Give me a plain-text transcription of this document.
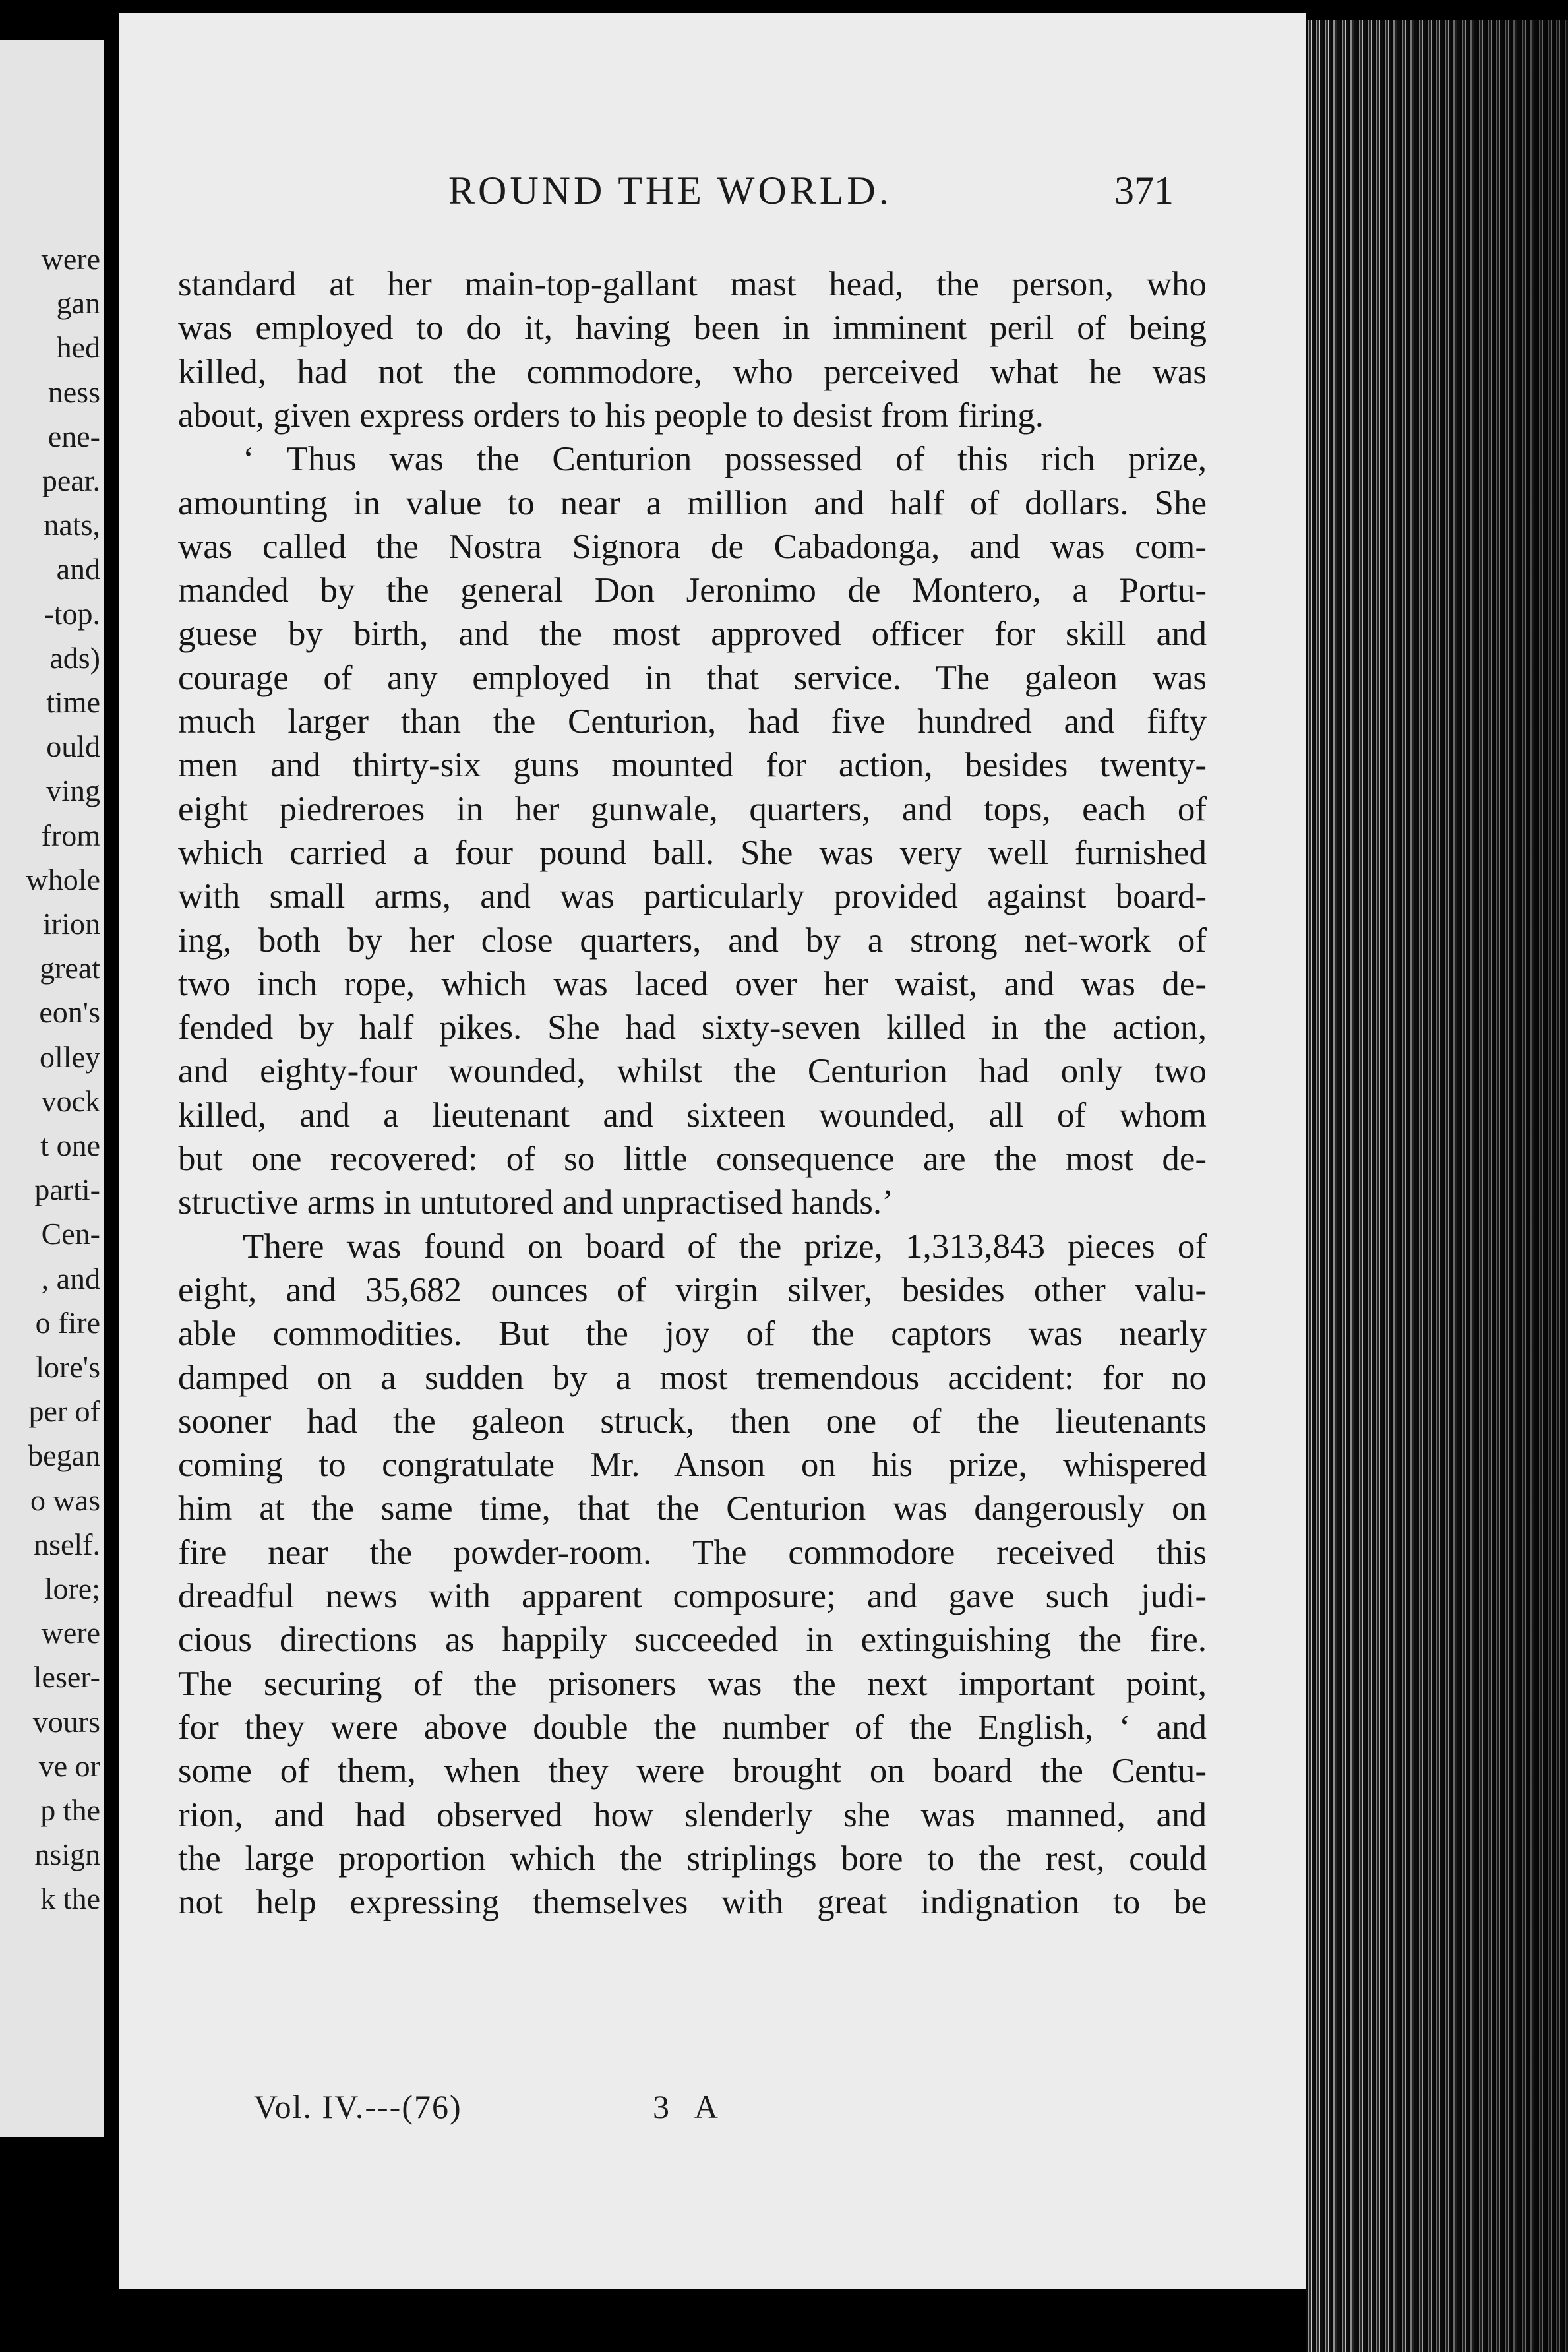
were
gan
hed
ness
ene-
pear.
nats,
and
-top.
ads)
time
ould
ving
from
whole
irion
great
eon's
olley
vock
t one
parti-
Cen-
, and
o fire
lore's
per of
began
o was
nself.
lore;
were
leser-
vours
ve or
p the
nsign
k the
ROUND THE WORLD.	371
standard at her main-top-gallant mast head, the person, who
was employed to do it, having been in imminent peril of being
killed, had not the commodore, who perceived what he was
about, given express orders to his people to desist from firing.
‘ Thus was the Centurion possessed of this rich prize,
amounting in value to near a million and half of dollars. She
was called the Nostra Signora de Cabadonga, and was com-
manded by the general Don Jeronimo de Montero, a Portu-
guese by birth, and the most approved officer for skill and
courage of any employed in that service. The galeon was
much larger than the Centurion, had five hundred and fifty
men and thirty-six guns mounted for action, besides twenty-
eight piedreroes in her gunwale, quarters, and tops, each of
which carried a four pound ball. She was very well furnished
with small arms, and was particularly provided against board-
ing, both by her close quarters, and by a strong net-work of
two inch rope, which was laced over her waist, and was de-
fended by half pikes. She had sixty-seven killed in the action,
and eighty-four wounded, whilst the Centurion had only two
killed, and a lieutenant and sixteen wounded, all of whom
but one recovered: of so little consequence are the most de-
structive arms in untutored and unpractised hands.’
There was found on board of the prize, 1,313,843 pieces of
eight, and 35,682 ounces of virgin silver, besides other valu-
able commodities. But the joy of the captors was nearly
damped on a sudden by a most tremendous accident: for no
sooner had the galeon struck, then one of the lieutenants
coming to congratulate Mr. Anson on his prize, whispered
him at the same time, that the Centurion was dangerously on
fire near the powder-room. The commodore received this
dreadful news with apparent composure; and gave such judi-
cious directions as happily succeeded in extinguishing the fire.
The securing of the prisoners was the next important point,
for they were above double the number of the English, ‘ and
some of them, when they were brought on board the Centu-
rion, and had observed how slenderly she was manned, and
the large proportion which the striplings bore to the rest, could
not help expressing themselves with great indignation to be
Vol. IV.---(76)	3 A
